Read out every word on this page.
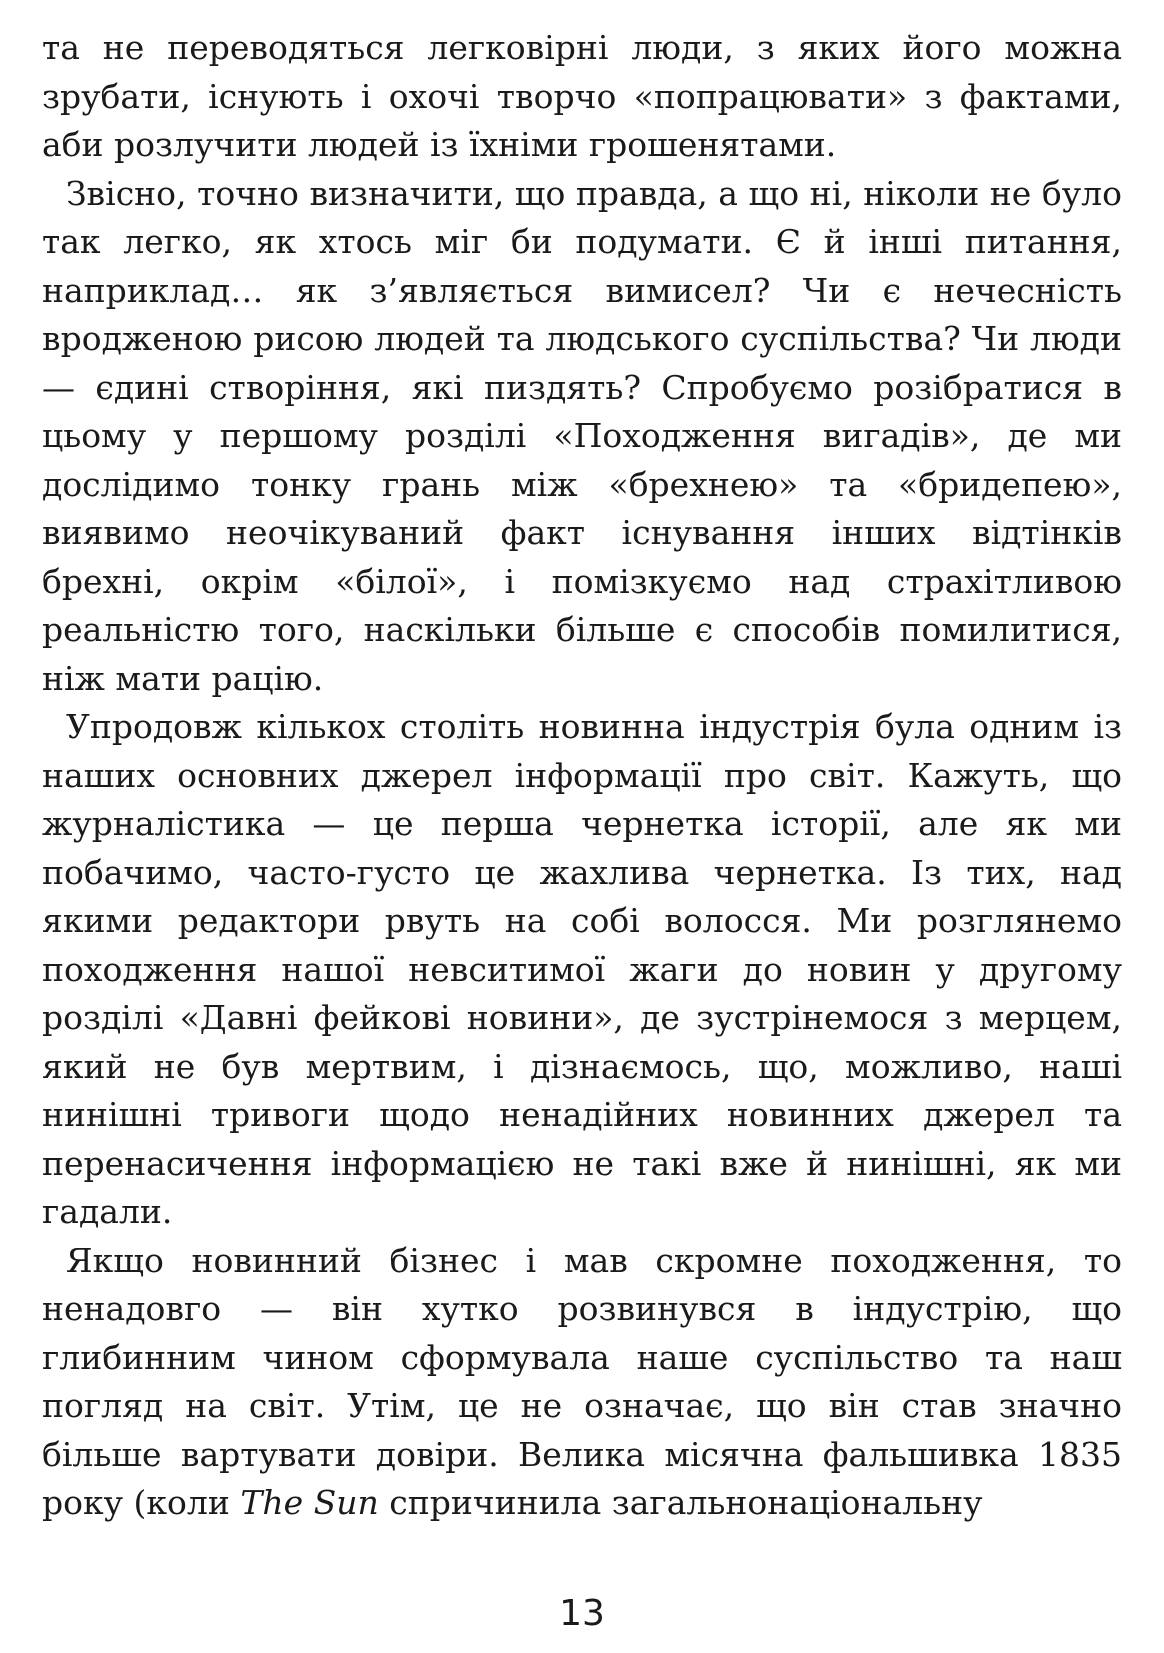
та не переводяться легковірні люди, з яких його можна зрубати, існують і охочі творчо «попрацювати» з фактами, аби розлучити людей із їхніми грошенятами.

Звісно, точно визначити, що правда, а що ні, ніколи не було так легко, як хтось міг би подумати. Є й інші питання, наприклад… як з’являється вимисел? Чи є нечесність вродженою рисою людей та людського суспільства? Чи люди — єдині створіння, які пиздять? Спробуємо розібратися в цьому у першому розділі «Походження вигадів», де ми дослідимо тонку грань між «брехнею» та «бридепею», виявимо неочікуваний факт існування інших відтінків брехні, окрім «білої», і помізкуємо над страхітливою реальністю того, наскільки більше є способів помилитися, ніж мати рацію.

Упродовж кількох століть новинна індустрія була одним із наших основних джерел інформації про світ. Кажуть, що журналістика — це перша чернетка історії, але як ми побачимо, часто-густо це жахлива чернетка. Із тих, над якими редактори рвуть на собі волосся. Ми розглянемо походження нашої невситимої жаги до новин у другому розділі «Давні фейкові новини», де зустрінемося з мерцем, який не був мертвим, і дізнаємось, що, можливо, наші нинішні тривоги щодо ненадійних новинних джерел та перенасичення інформацією не такі вже й нинішні, як ми гадали.

Якщо новинний бізнес і мав скромне походження, то ненадовго — він хутко розвинувся в індустрію, що глибинним чином сформувала наше суспільство та наш погляд на світ. Утім, це не означає, що він став значно більше вартувати довіри. Велика місячна фальшивка 1835 року (коли The Sun спричинила загальнонаціональну

13
